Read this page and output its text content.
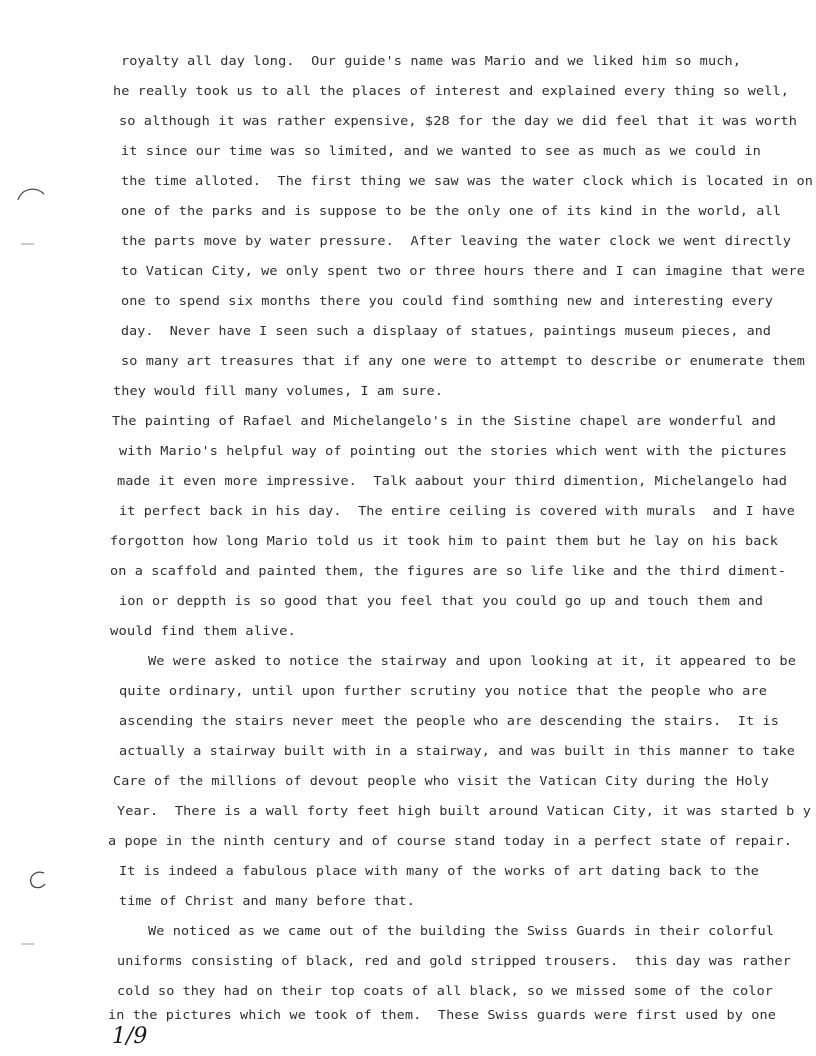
royalty all day long.  Our guide's name was Mario and we liked him so much,
he really took us to all the places of interest and explained every thing so well,
so although it was rather expensive, $28 for the day we did feel that it was worth
it since our time was so limited, and we wanted to see as much as we could in
the time alloted.  The first thing we saw was the water clock which is located in on
one of the parks and is suppose to be the only one of its kind in the world, all
the parts move by water pressure.  After leaving the water clock we went directly
to Vatican City, we only spent two or three hours there and I can imagine that were
one to spend six months there you could find somthing new and interesting every
day.  Never have I seen such a displaay of statues, paintings museum pieces, and
so many art treasures that if any one were to attempt to describe or enumerate them
they would fill many volumes, I am sure.
The painting of Rafael and Michelangelo's in the Sistine chapel are wonderful and
with Mario's helpful way of pointing out the stories which went with the pictures
made it even more impressive.  Talk aabout your third dimention, Michelangelo had
it perfect back in his day.  The entire ceiling is covered with murals  and I have
forgotton how long Mario told us it took him to paint them but he lay on his back
on a scaffold and painted them, the figures are so life like and the third diment-
ion or deppth is so good that you feel that you could go up and touch them and
would find them alive.
We were asked to notice the stairway and upon looking at it, it appeared to be
quite ordinary, until upon further scrutiny you notice that the people who are
ascending the stairs never meet the people who are descending the stairs.  It is
actually a stairway built with in a stairway, and was built in this manner to take
Care of the millions of devout people who visit the Vatican City during the Holy
Year.  There is a wall forty feet high built around Vatican City, it was started b y
a pope in the ninth century and of course stand today in a perfect state of repair.
It is indeed a fabulous place with many of the works of art dating back to the
time of Christ and many before that.
We noticed as we came out of the building the Swiss Guards in their colorful
uniforms consisting of black, red and gold stripped trousers.  this day was rather
cold so they had on their top coats of all black, so we missed some of the color
in the pictures which we took of them.  These Swiss guards were first used by one
1/9
